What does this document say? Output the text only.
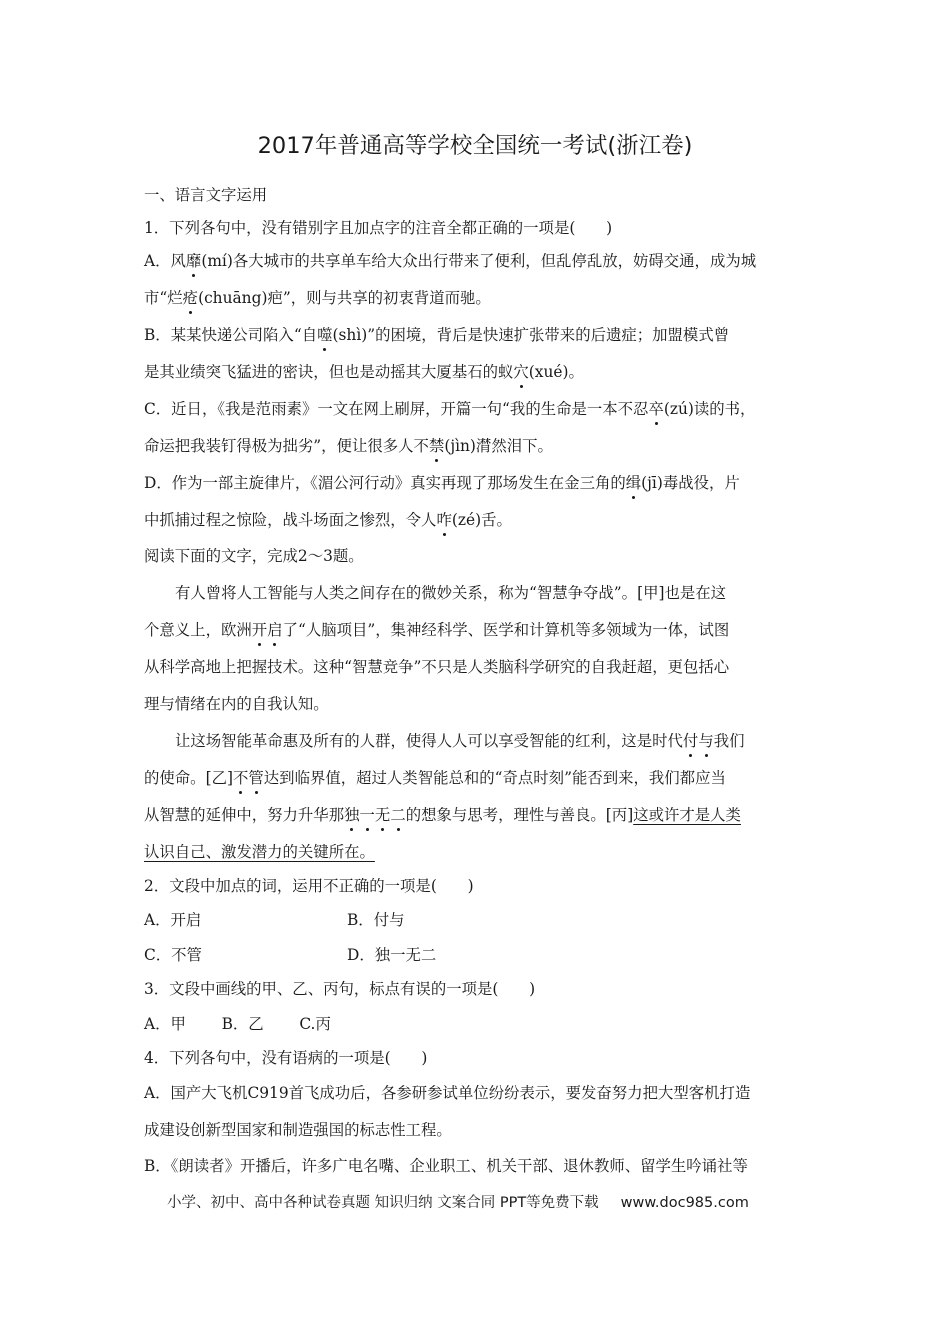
2017年普通高等学校全国统一考试(浙江卷)
一、语言文字运用
1．下列各句中，没有错别字且加点字的注音全都正确的一项是(　　)
A．风靡(mí)各大城市的共享单车给大众出行带来了便利，但乱停乱放，妨碍交通，成为城
市“烂疮(chuāng)疤”，则与共享的初衷背道而驰。
B．某某快递公司陷入“自噬(shì)”的困境，背后是快速扩张带来的后遗症；加盟模式曾
是其业绩突飞猛进的密诀，但也是动摇其大厦基石的蚁穴(xué)。
C．近日，《我是范雨素》一文在网上刷屏，开篇一句“我的生命是一本不忍卒(zú)读的书，
命运把我装钉得极为拙劣”，便让很多人不禁(jìn)潸然泪下。
D．作为一部主旋律片，《湄公河行动》真实再现了那场发生在金三角的缉(jī)毒战役，片
中抓捕过程之惊险，战斗场面之惨烈，令人咋(zé)舌。
阅读下面的文字，完成2～3题。
有人曾将人工智能与人类之间存在的微妙关系，称为“智慧争夺战”。[甲]也是在这
个意义上，欧洲开启了“人脑项目”，集神经科学、医学和计算机等多领域为一体，试图
从科学高地上把握技术。这种“智慧竞争”不只是人类脑科学研究的自我赶超，更包括心
理与情绪在内的自我认知。
让这场智能革命惠及所有的人群，使得人人可以享受智能的红利，这是时代付与我们
的使命。[乙]不管达到临界值，超过人类智能总和的“奇点时刻”能否到来，我们都应当
从智慧的延伸中，努力升华那独一无二的想象与思考，理性与善良。[丙]这或许才是人类
认识自己、激发潜力的关键所在。
2．文段中加点的词，运用不正确的一项是(　　)
A．开启	B．付与
C．不管	D．独一无二
3．文段中画线的甲、乙、丙句，标点有误的一项是(　　)
A．甲　　 B．乙　　 C.丙
4．下列各句中，没有语病的一项是(　　)
A．国产大飞机C919首飞成功后，各参研参试单位纷纷表示，要发奋努力把大型客机打造
成建设创新型国家和制造强国的标志性工程。
B．《朗读者》开播后，许多广电名嘴、企业职工、机关干部、退休教师、留学生吟诵社等
小学、初中、高中各种试卷真题 知识归纳 文案合同 PPT等免费下载 www.doc985.com
